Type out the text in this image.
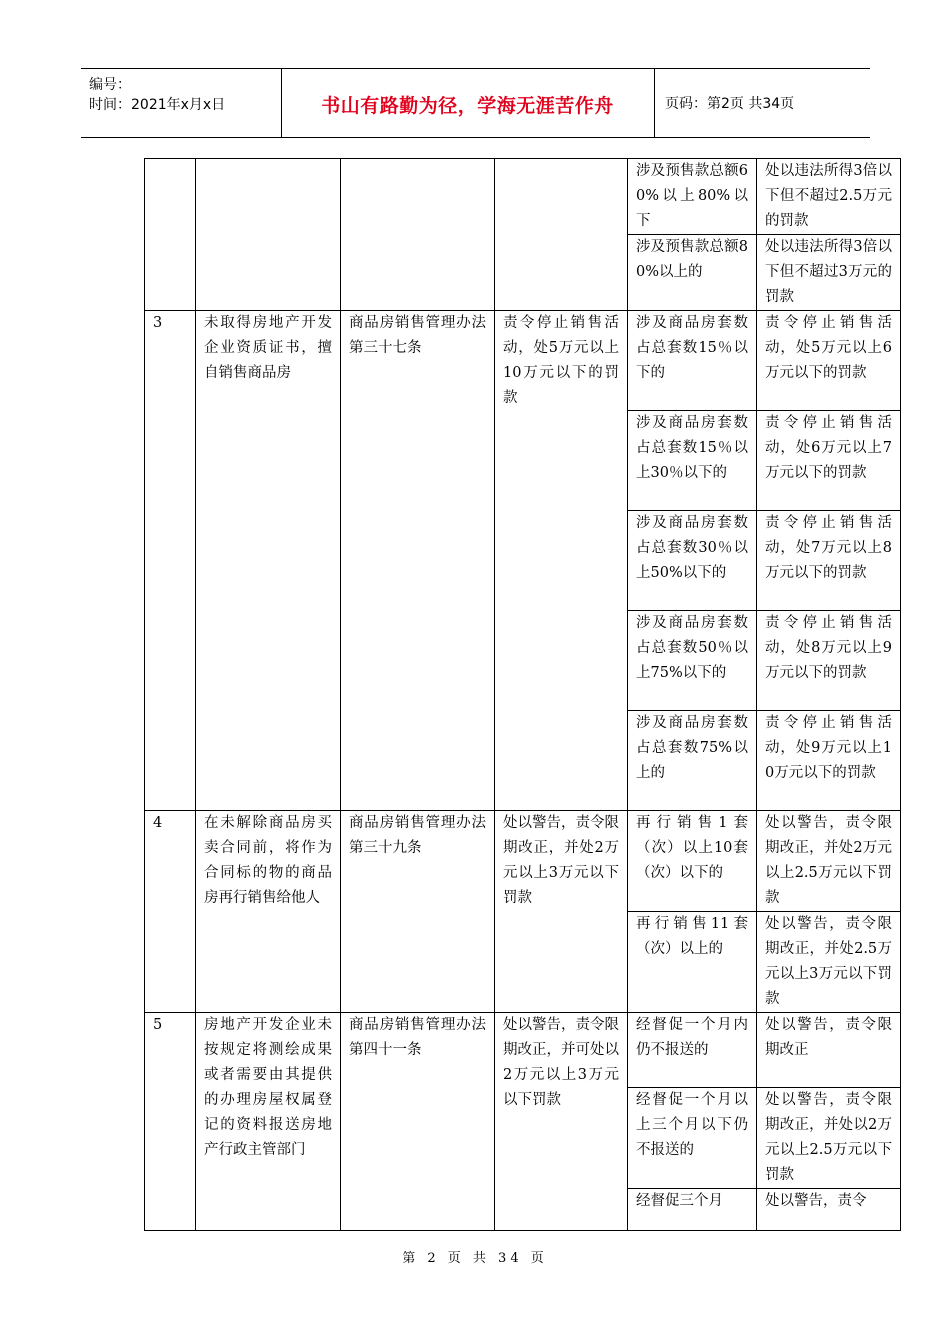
编号：
时间：2021年x月x日	书山有路勤为径，学海无涯苦作舟	页码：第2页 共34页
				涉及预售款总额60%以上80%以下	处以违法所得3倍以下但不超过2.5万元的罚款
				涉及预售款总额80%以上的	处以违法所得3倍以下但不超过3万元的罚款
3	未取得房地产开发企业资质证书，擅自销售商品房	商品房销售管理办法第三十七条	责令停止销售活动，处5万元以上10万元以下的罚款	涉及商品房套数占总套数15％以下的	责令停止销售活动，处5万元以上6万元以下的罚款
				涉及商品房套数占总套数15％以上30％以下的	责令停止销售活动，处6万元以上7万元以下的罚款
				涉及商品房套数占总套数30％以上50%以下的	责令停止销售活动，处7万元以上8万元以下的罚款
				涉及商品房套数占总套数50％以上75%以下的	责令停止销售活动，处8万元以上9万元以下的罚款
				涉及商品房套数占总套数75%以上的	责令停止销售活动，处9万元以上10万元以下的罚款
4	在未解除商品房买卖合同前，将作为合同标的物的商品房再行销售给他人	商品房销售管理办法第三十九条	处以警告，责令限期改正，并处2万元以上3万元以下罚款	再行销售1套（次）以上10套（次）以下的	处以警告，责令限期改正，并处2万元以上2.5万元以下罚款
				再行销售11套（次）以上的	处以警告，责令限期改正，并处2.5万元以上3万元以下罚款
5	房地产开发企业未按规定将测绘成果或者需要由其提供的办理房屋权属登记的资料报送房地产行政主管部门	商品房销售管理办法第四十一条	处以警告，责令限期改正，并可处以2万元以上3万元以下罚款	经督促一个月内仍不报送的	处以警告，责令限期改正
				经督促一个月以上三个月以下仍不报送的	处以警告，责令限期改正，并处以2万元以上2.5万元以下罚款
				经督促三个月	处以警告，责令
第 2 页 共 34 页
